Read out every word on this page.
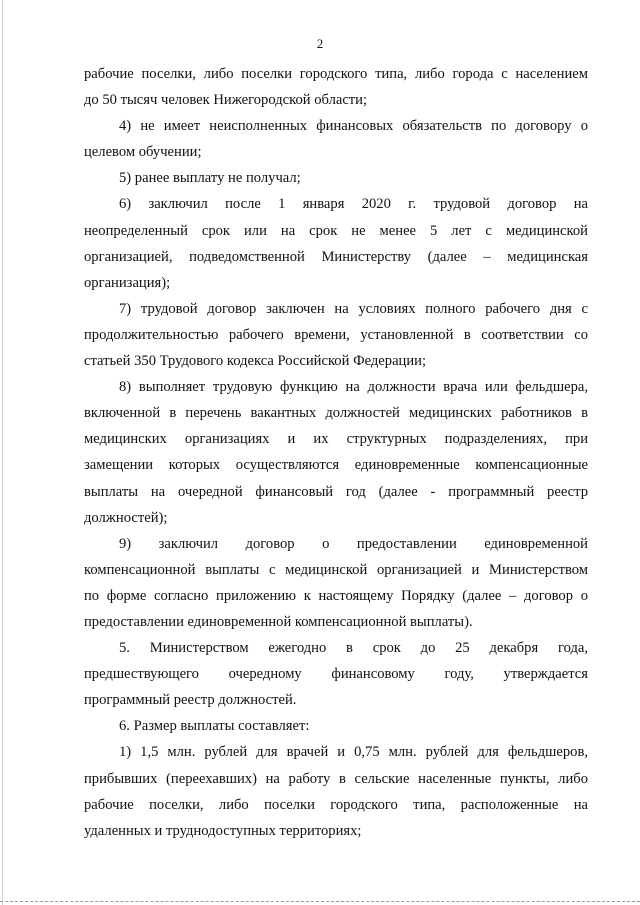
2
рабочие поселки, либо поселки городского типа, либо города с населением
до 50 тысяч человек Нижегородской области;
4) не имеет неисполненных финансовых обязательств по договору о
целевом обучении;
5) ранее выплату не получал;
6) заключил после 1 января 2020 г. трудовой договор на
неопределенный срок или на срок не менее 5 лет с медицинской
организацией, подведомственной Министерству (далее – медицинская
организация);
7) трудовой договор заключен на условиях полного рабочего дня с
продолжительностью рабочего времени, установленной в соответствии со
статьей 350 Трудового кодекса Российской Федерации;
8) выполняет трудовую функцию на должности врача или фельдшера,
включенной в перечень вакантных должностей медицинских работников в
медицинских организациях и их структурных подразделениях, при
замещении которых осуществляются единовременные компенсационные
выплаты на очередной финансовый год (далее - программный реестр
должностей);
9) заключил договор о предоставлении единовременной
компенсационной выплаты с медицинской организацией и Министерством
по форме согласно приложению к настоящему Порядку (далее – договор о
предоставлении единовременной компенсационной выплаты).
5. Министерством ежегодно в срок до 25 декабря года,
предшествующего очередному финансовому году, утверждается
программный реестр должностей.
6. Размер выплаты составляет:
1) 1,5 млн. рублей для врачей и 0,75 млн. рублей для фельдшеров,
прибывших (переехавших) на работу в сельские населенные пункты, либо
рабочие поселки, либо поселки городского типа, расположенные на
удаленных и труднодоступных территориях;
